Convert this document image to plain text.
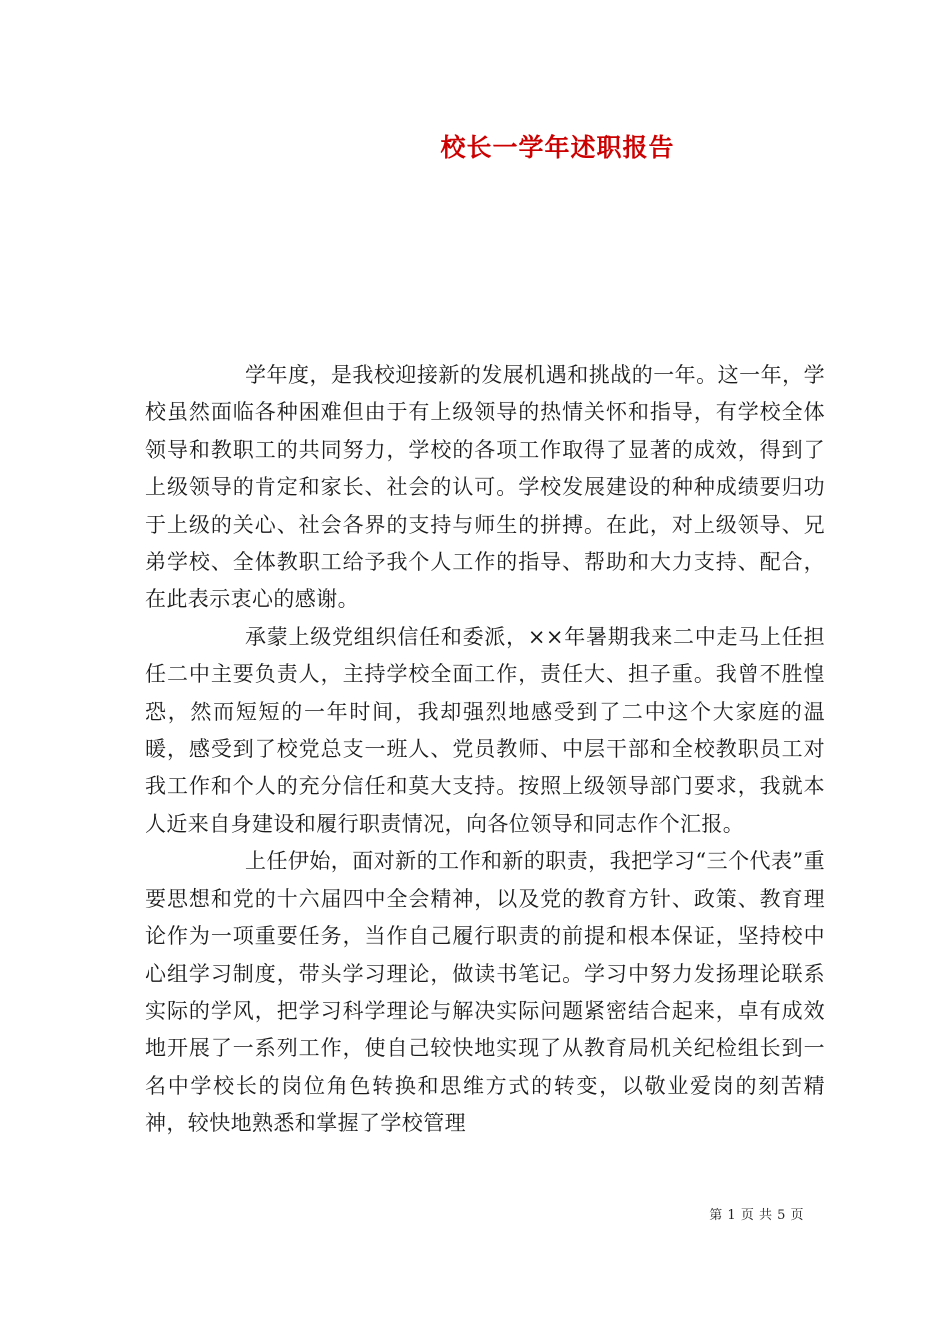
校长一学年述职报告

学年度，是我校迎接新的发展机遇和挑战的一年。这一年，学校虽然面临各种困难但由于有上级领导的热情关怀和指导，有学校全体领导和教职工的共同努力，学校的各项工作取得了显著的成效，得到了上级领导的肯定和家长、社会的认可。学校发展建设的种种成绩要归功于上级的关心、社会各界的支持与师生的拼搏。在此，对上级领导、兄弟学校、全体教职工给予我个人工作的指导、帮助和大力支持、配合，在此表示衷心的感谢。

承蒙上级党组织信任和委派，××年暑期我来二中走马上任担任二中主要负责人，主持学校全面工作，责任大、担子重。我曾不胜惶恐，然而短短的一年时间，我却强烈地感受到了二中这个大家庭的温暖，感受到了校党总支一班人、党员教师、中层干部和全校教职员工对我工作和个人的充分信任和莫大支持。按照上级领导部门要求，我就本人近来自身建设和履行职责情况，向各位领导和同志作个汇报。

上任伊始，面对新的工作和新的职责，我把学习“三个代表”重要思想和党的十六届四中全会精神，以及党的教育方针、政策、教育理论作为一项重要任务，当作自己履行职责的前提和根本保证，坚持校中心组学习制度，带头学习理论，做读书笔记。学习中努力发扬理论联系实际的学风，把学习科学理论与解决实际问题紧密结合起来，卓有成效地开展了一系列工作，使自己较快地实现了从教育局机关纪检组长到一名中学校长的岗位角色转换和思维方式的转变，以敬业爱岗的刻苦精神，较快地熟悉和掌握了学校管理

第 1 页 共 5 页
